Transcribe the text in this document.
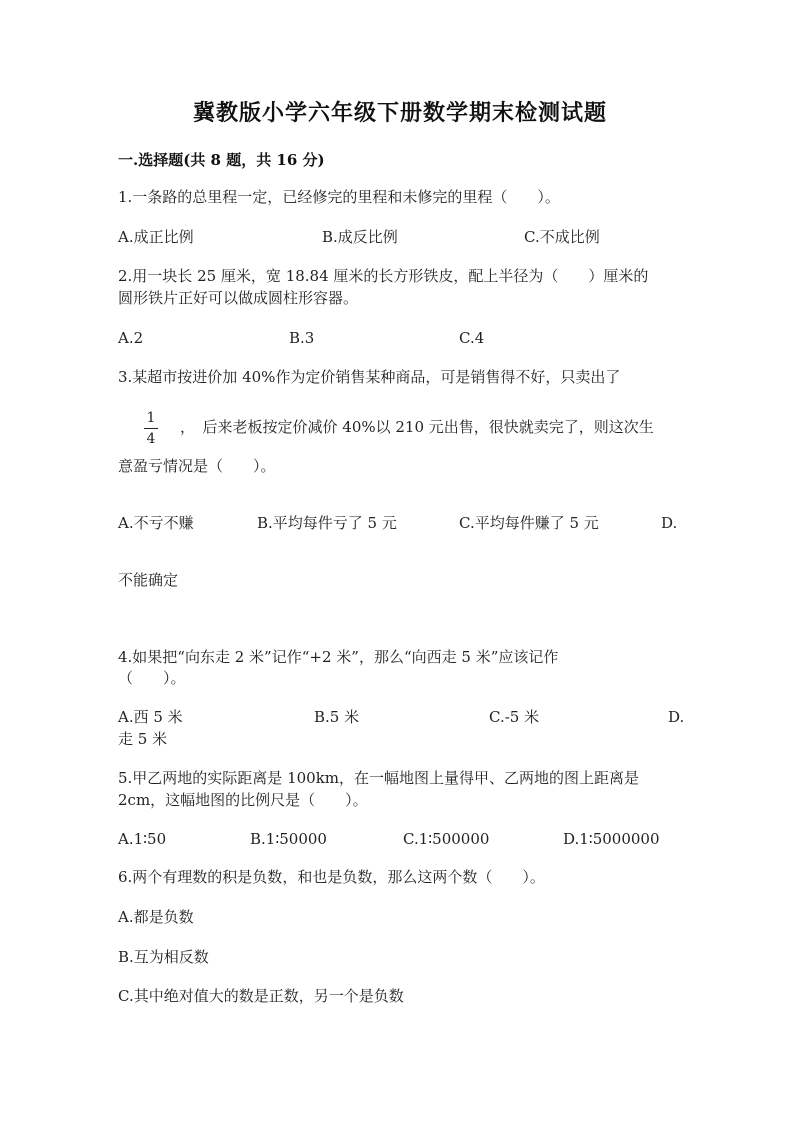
冀教版小学六年级下册数学期末检测试题
一.选择题(共 8 题，共 16 分)
1.一条路的总里程一定，已经修完的里程和未修完的里程（　　）。
A.成正比例	B.成反比例	C.不成比例
2.用一块长 25 厘米，宽 18.84 厘米的长方形铁皮，配上半径为（　　）厘米的
圆形铁片正好可以做成圆柱形容器。
A.2	B.3	C.4
3.某超市按进价加 40%作为定价销售某种商品，可是销售得不好，只卖出了
1
4
，　后来老板按定价减价 40%以 210 元出售，很快就卖完了，则这次生
意盈亏情况是（　　）。
A.不亏不赚	B.平均每件亏了 5 元	C.平均每件赚了 5 元	D.
不能确定
4.如果把“向东走 2 米”记作“+2 米”，那么“向西走 5 米”应该记作
（　　）。
A.西 5 米	B.5 米	C.-5 米	D.
走 5 米
5.甲乙两地的实际距离是 100km，在一幅地图上量得甲、乙两地的图上距离是
2cm，这幅地图的比例尺是（　　）。
A.1∶50	B.1∶50000	C.1∶500000	D.1∶5000000
6.两个有理数的积是负数，和也是负数，那么这两个数（　　）。
A.都是负数
B.互为相反数
C.其中绝对值大的数是正数，另一个是负数
